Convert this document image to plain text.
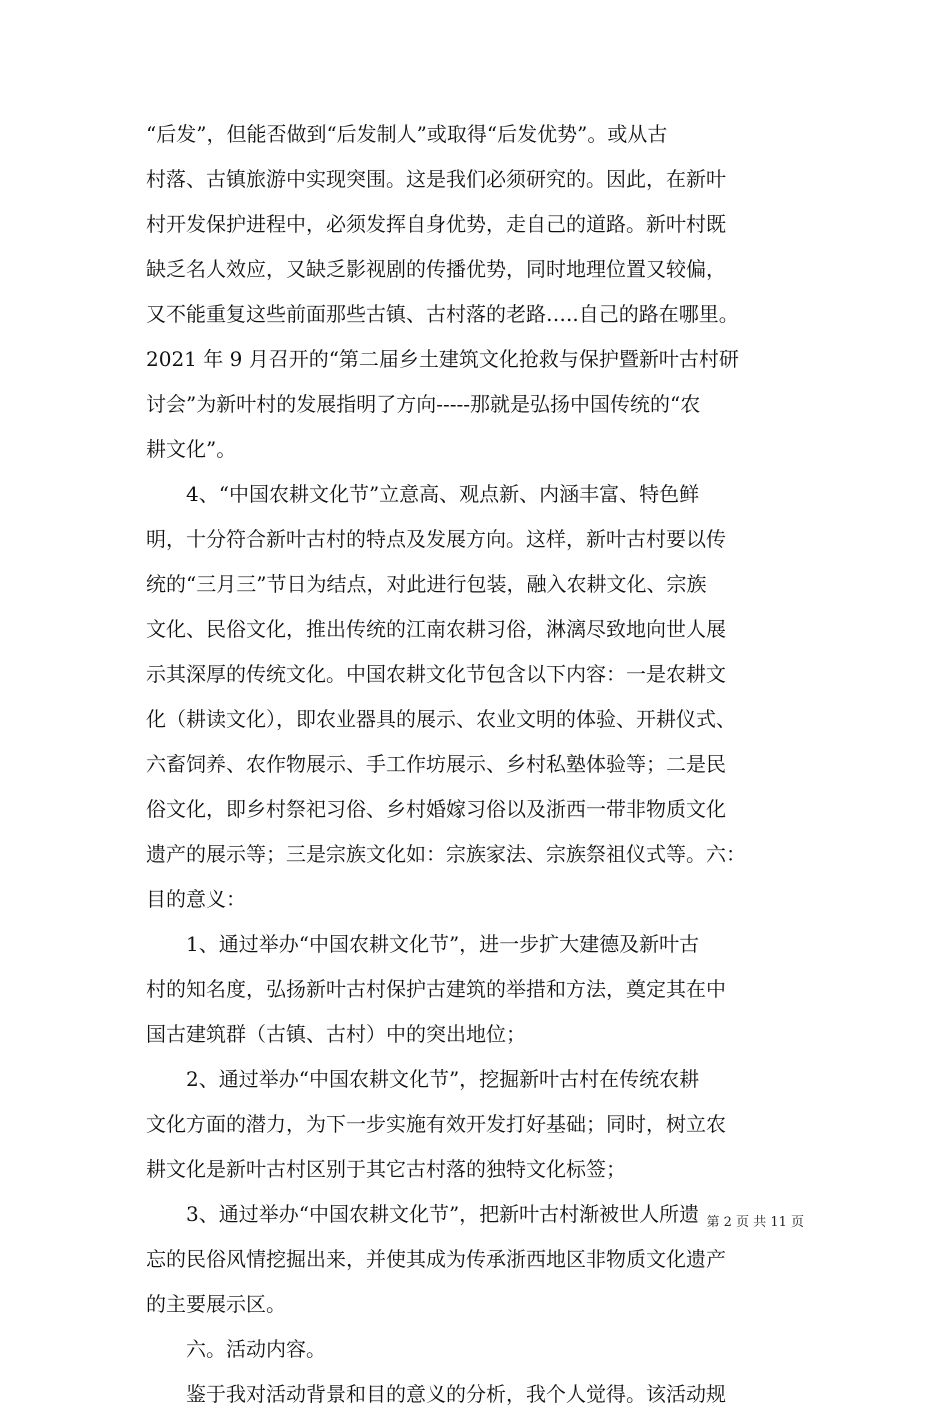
“后发”，但能否做到“后发制人”或取得“后发优势”。或从古
村落、古镇旅游中实现突围。这是我们必须研究的。因此，在新叶
村开发保护进程中，必须发挥自身优势，走自己的道路。新叶村既
缺乏名人效应，又缺乏影视剧的传播优势，同时地理位置又较偏，
又不能重复这些前面那些古镇、古村落的老路…..自己的路在哪里。
2021 年 9 月召开的“第二届乡土建筑文化抢救与保护暨新叶古村研
讨会”为新叶村的发展指明了方向-----那就是弘扬中国传统的“农
耕文化”。
　　4、“中国农耕文化节”立意高、观点新、内涵丰富、特色鲜
明，十分符合新叶古村的特点及发展方向。这样，新叶古村要以传
统的“三月三”节日为结点，对此进行包装，融入农耕文化、宗族
文化、民俗文化，推出传统的江南农耕习俗，淋漓尽致地向世人展
示其深厚的传统文化。中国农耕文化节包含以下内容：一是农耕文
化（耕读文化），即农业器具的展示、农业文明的体验、开耕仪式、
六畜饲养、农作物展示、手工作坊展示、乡村私塾体验等；二是民
俗文化，即乡村祭祀习俗、乡村婚嫁习俗以及浙西一带非物质文化
遗产的展示等；三是宗族文化如：宗族家法、宗族祭祖仪式等。六：
目的意义：
　　1、通过举办“中国农耕文化节”，进一步扩大建德及新叶古
村的知名度，弘扬新叶古村保护古建筑的举措和方法，奠定其在中
国古建筑群（古镇、古村）中的突出地位；
　　2、通过举办“中国农耕文化节”，挖掘新叶古村在传统农耕
文化方面的潜力，为下一步实施有效开发打好基础；同时，树立农
耕文化是新叶古村区别于其它古村落的独特文化标签；
　　3、通过举办“中国农耕文化节”，把新叶古村渐被世人所遗
忘的民俗风情挖掘出来，并使其成为传承浙西地区非物质文化遗产
的主要展示区。
　　六。活动内容。
　　鉴于我对活动背景和目的意义的分析，我个人觉得。该活动规
第 2 页 共 11 页
